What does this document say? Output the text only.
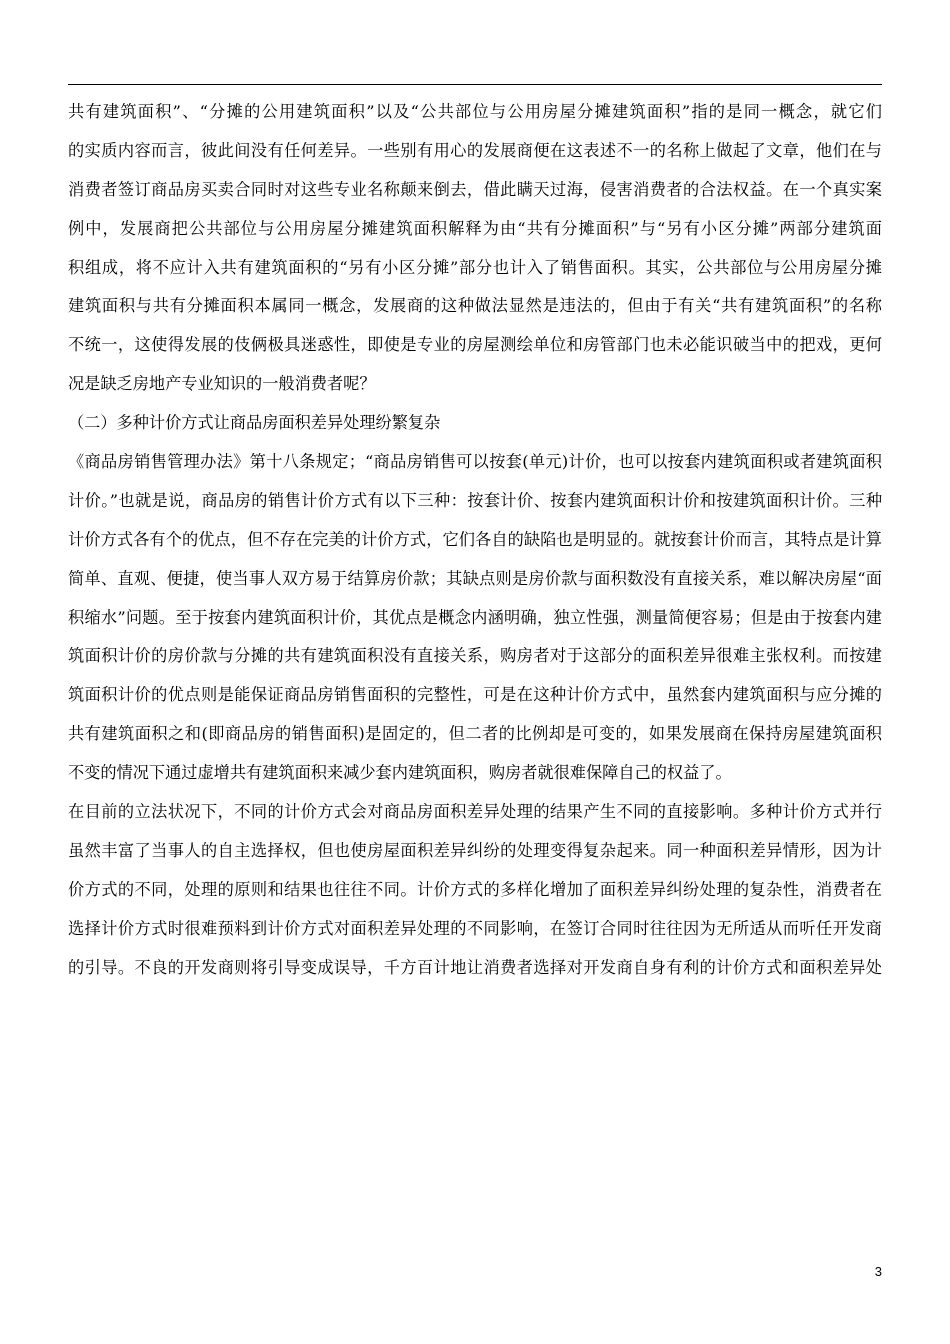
共有建筑面积”、“分摊的公用建筑面积”以及“公共部位与公用房屋分摊建筑面积”指的是同一概念，就它们
的实质内容而言，彼此间没有任何差异。一些别有用心的发展商便在这表述不一的名称上做起了文章，他们在与
消费者签订商品房买卖合同时对这些专业名称颠来倒去，借此瞒天过海，侵害消费者的合法权益。在一个真实案
例中，发展商把公共部位与公用房屋分摊建筑面积解释为由“共有分摊面积”与“另有小区分摊”两部分建筑面
积组成，将不应计入共有建筑面积的“另有小区分摊”部分也计入了销售面积。其实，公共部位与公用房屋分摊
建筑面积与共有分摊面积本属同一概念，发展商的这种做法显然是违法的，但由于有关“共有建筑面积”的名称
不统一，这使得发展的伎俩极具迷惑性，即使是专业的房屋测绘单位和房管部门也未必能识破当中的把戏，更何
况是缺乏房地产专业知识的一般消费者呢？
（二）多种计价方式让商品房面积差异处理纷繁复杂
《商品房销售管理办法》第十八条规定；“商品房销售可以按套(单元)计价，也可以按套内建筑面积或者建筑面积
计价。”也就是说，商品房的销售计价方式有以下三种：按套计价、按套内建筑面积计价和按建筑面积计价。三种
计价方式各有个的优点，但不存在完美的计价方式，它们各自的缺陷也是明显的。就按套计价而言，其特点是计算
简单、直观、便捷，使当事人双方易于结算房价款；其缺点则是房价款与面积数没有直接关系，难以解决房屋“面
积缩水”问题。至于按套内建筑面积计价，其优点是概念内涵明确，独立性强，测量简便容易；但是由于按套内建
筑面积计价的房价款与分摊的共有建筑面积没有直接关系，购房者对于这部分的面积差异很难主张权利。而按建
筑面积计价的优点则是能保证商品房销售面积的完整性，可是在这种计价方式中，虽然套内建筑面积与应分摊的
共有建筑面积之和(即商品房的销售面积)是固定的，但二者的比例却是可变的，如果发展商在保持房屋建筑面积
不变的情况下通过虚增共有建筑面积来减少套内建筑面积，购房者就很难保障自己的权益了。
在目前的立法状况下，不同的计价方式会对商品房面积差异处理的结果产生不同的直接影响。多种计价方式并行
虽然丰富了当事人的自主选择权，但也使房屋面积差异纠纷的处理变得复杂起来。同一种面积差异情形，因为计
价方式的不同，处理的原则和结果也往往不同。计价方式的多样化增加了面积差异纠纷处理的复杂性，消费者在
选择计价方式时很难预料到计价方式对面积差异处理的不同影响，在签订合同时往往因为无所适从而听任开发商
的引导。不良的开发商则将引导变成误导，千方百计地让消费者选择对开发商自身有利的计价方式和面积差异处
3
